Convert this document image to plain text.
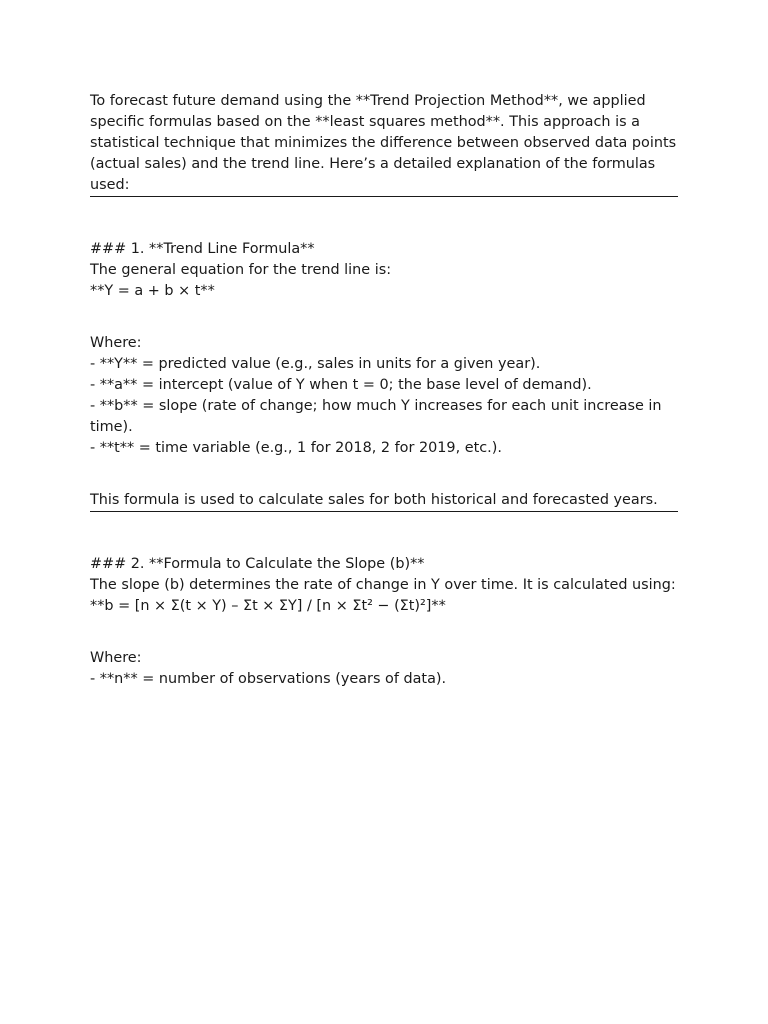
To forecast future demand using the **Trend Projection Method**, we applied specific formulas based on the **least squares method**. This approach is a statistical technique that minimizes the difference between observed data points (actual sales) and the trend line. Here’s a detailed explanation of the formulas used:

### 1. **Trend Line Formula**

The general equation for the trend line is:

**Y = a + b × t**

Where:

- **Y** = predicted value (e.g., sales in units for a given year).

- **a** = intercept (value of Y when t = 0; the base level of demand).

- **b** = slope (rate of change; how much Y increases for each unit increase in time).

- **t** = time variable (e.g., 1 for 2018, 2 for 2019, etc.).

This formula is used to calculate sales for both historical and forecasted years.

### 2. **Formula to Calculate the Slope (b)**

The slope (b) determines the rate of change in Y over time. It is calculated using:

**b = [n × Σ(t × Y) – Σt × ΣY] / [n × Σt² − (Σt)²]**

Where:

- **n** = number of observations (years of data).
